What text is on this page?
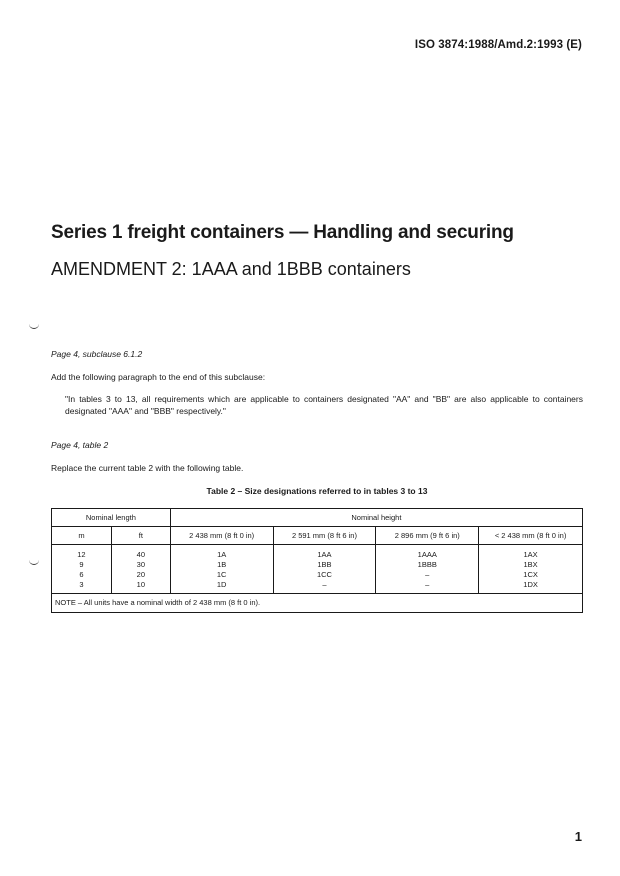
ISO 3874:1988/Amd.2:1993 (E)
Series 1 freight containers — Handling and securing
AMENDMENT 2: 1AAA and 1BBB containers
Page 4, subclause 6.1.2
Add the following paragraph to the end of this subclause:
"In tables 3 to 13, all requirements which are applicable to containers designated "AA" and "BB" are also applicable to containers designated "AAA" and "BBB" respectively."
Page 4, table 2
Replace the current table 2 with the following table.
Table 2 – Size designations referred to in tables 3 to 13
Nominal length		Nominal height			
m	ft	2 438 mm (8 ft 0 in)	2 591 mm (8 ft 6 in)	2 896 mm (9 ft 6 in)	< 2 438 mm (8 ft 0 in)
12	40	1A	1AA	1AAA	1AX
9	30	1B	1BB	1BBB	1BX
6	20	1C	1CC	–	1CX
3	10	1D	–	–	1DX
NOTE – All units have a nominal width of 2 438 mm (8 ft 0 in).					
1
